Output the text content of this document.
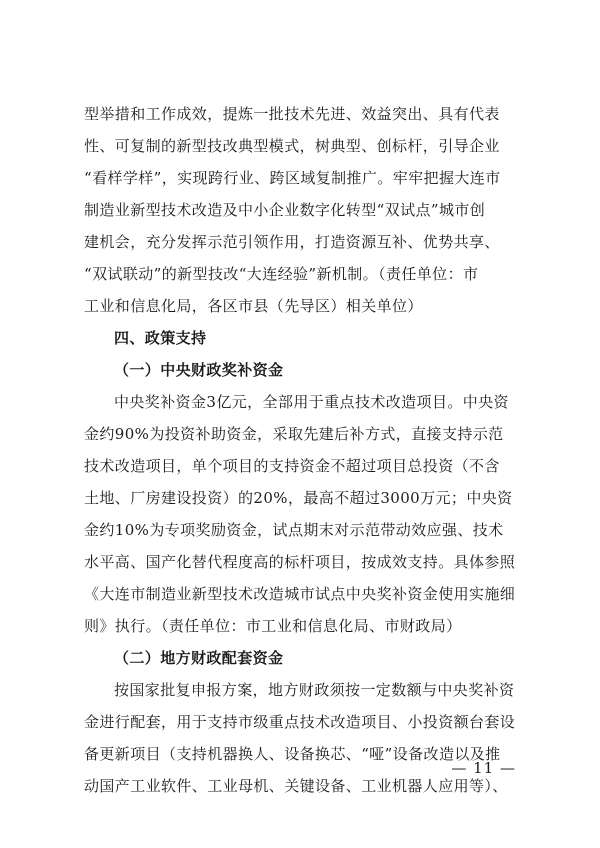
型举措和工作成效，提炼一批技术先进、效益突出、具有代表
性、可复制的新型技改典型模式，树典型、创标杆，引导企业
“看样学样”，实现跨行业、跨区域复制推广。牢牢把握大连市
制造业新型技术改造及中小企业数字化转型“双试点”城市创
建机会，充分发挥示范引领作用，打造资源互补、优势共享、
“双试联动”的新型技改“大连经验”新机制。（责任单位：市
工业和信息化局，各区市县（先导区）相关单位）
四、政策支持
（一）中央财政奖补资金
中央奖补资金3亿元，全部用于重点技术改造项目。中央资
金约90%为投资补助资金，采取先建后补方式，直接支持示范
技术改造项目，单个项目的支持资金不超过项目总投资（不含
土地、厂房建设投资）的20%，最高不超过3000万元；中央资
金约10%为专项奖励资金，试点期末对示范带动效应强、技术
水平高、国产化替代程度高的标杆项目，按成效支持。具体参照
《大连市制造业新型技术改造城市试点中央奖补资金使用实施细
则》执行。（责任单位：市工业和信息化局、市财政局）
（二）地方财政配套资金
按国家批复申报方案，地方财政须按一定数额与中央奖补资
金进行配套，用于支持市级重点技术改造项目、小投资额台套设
备更新项目（支持机器换人、设备换芯、“哑”设备改造以及推
动国产工业软件、工业母机、关键设备、工业机器人应用等）、
— 11 —
